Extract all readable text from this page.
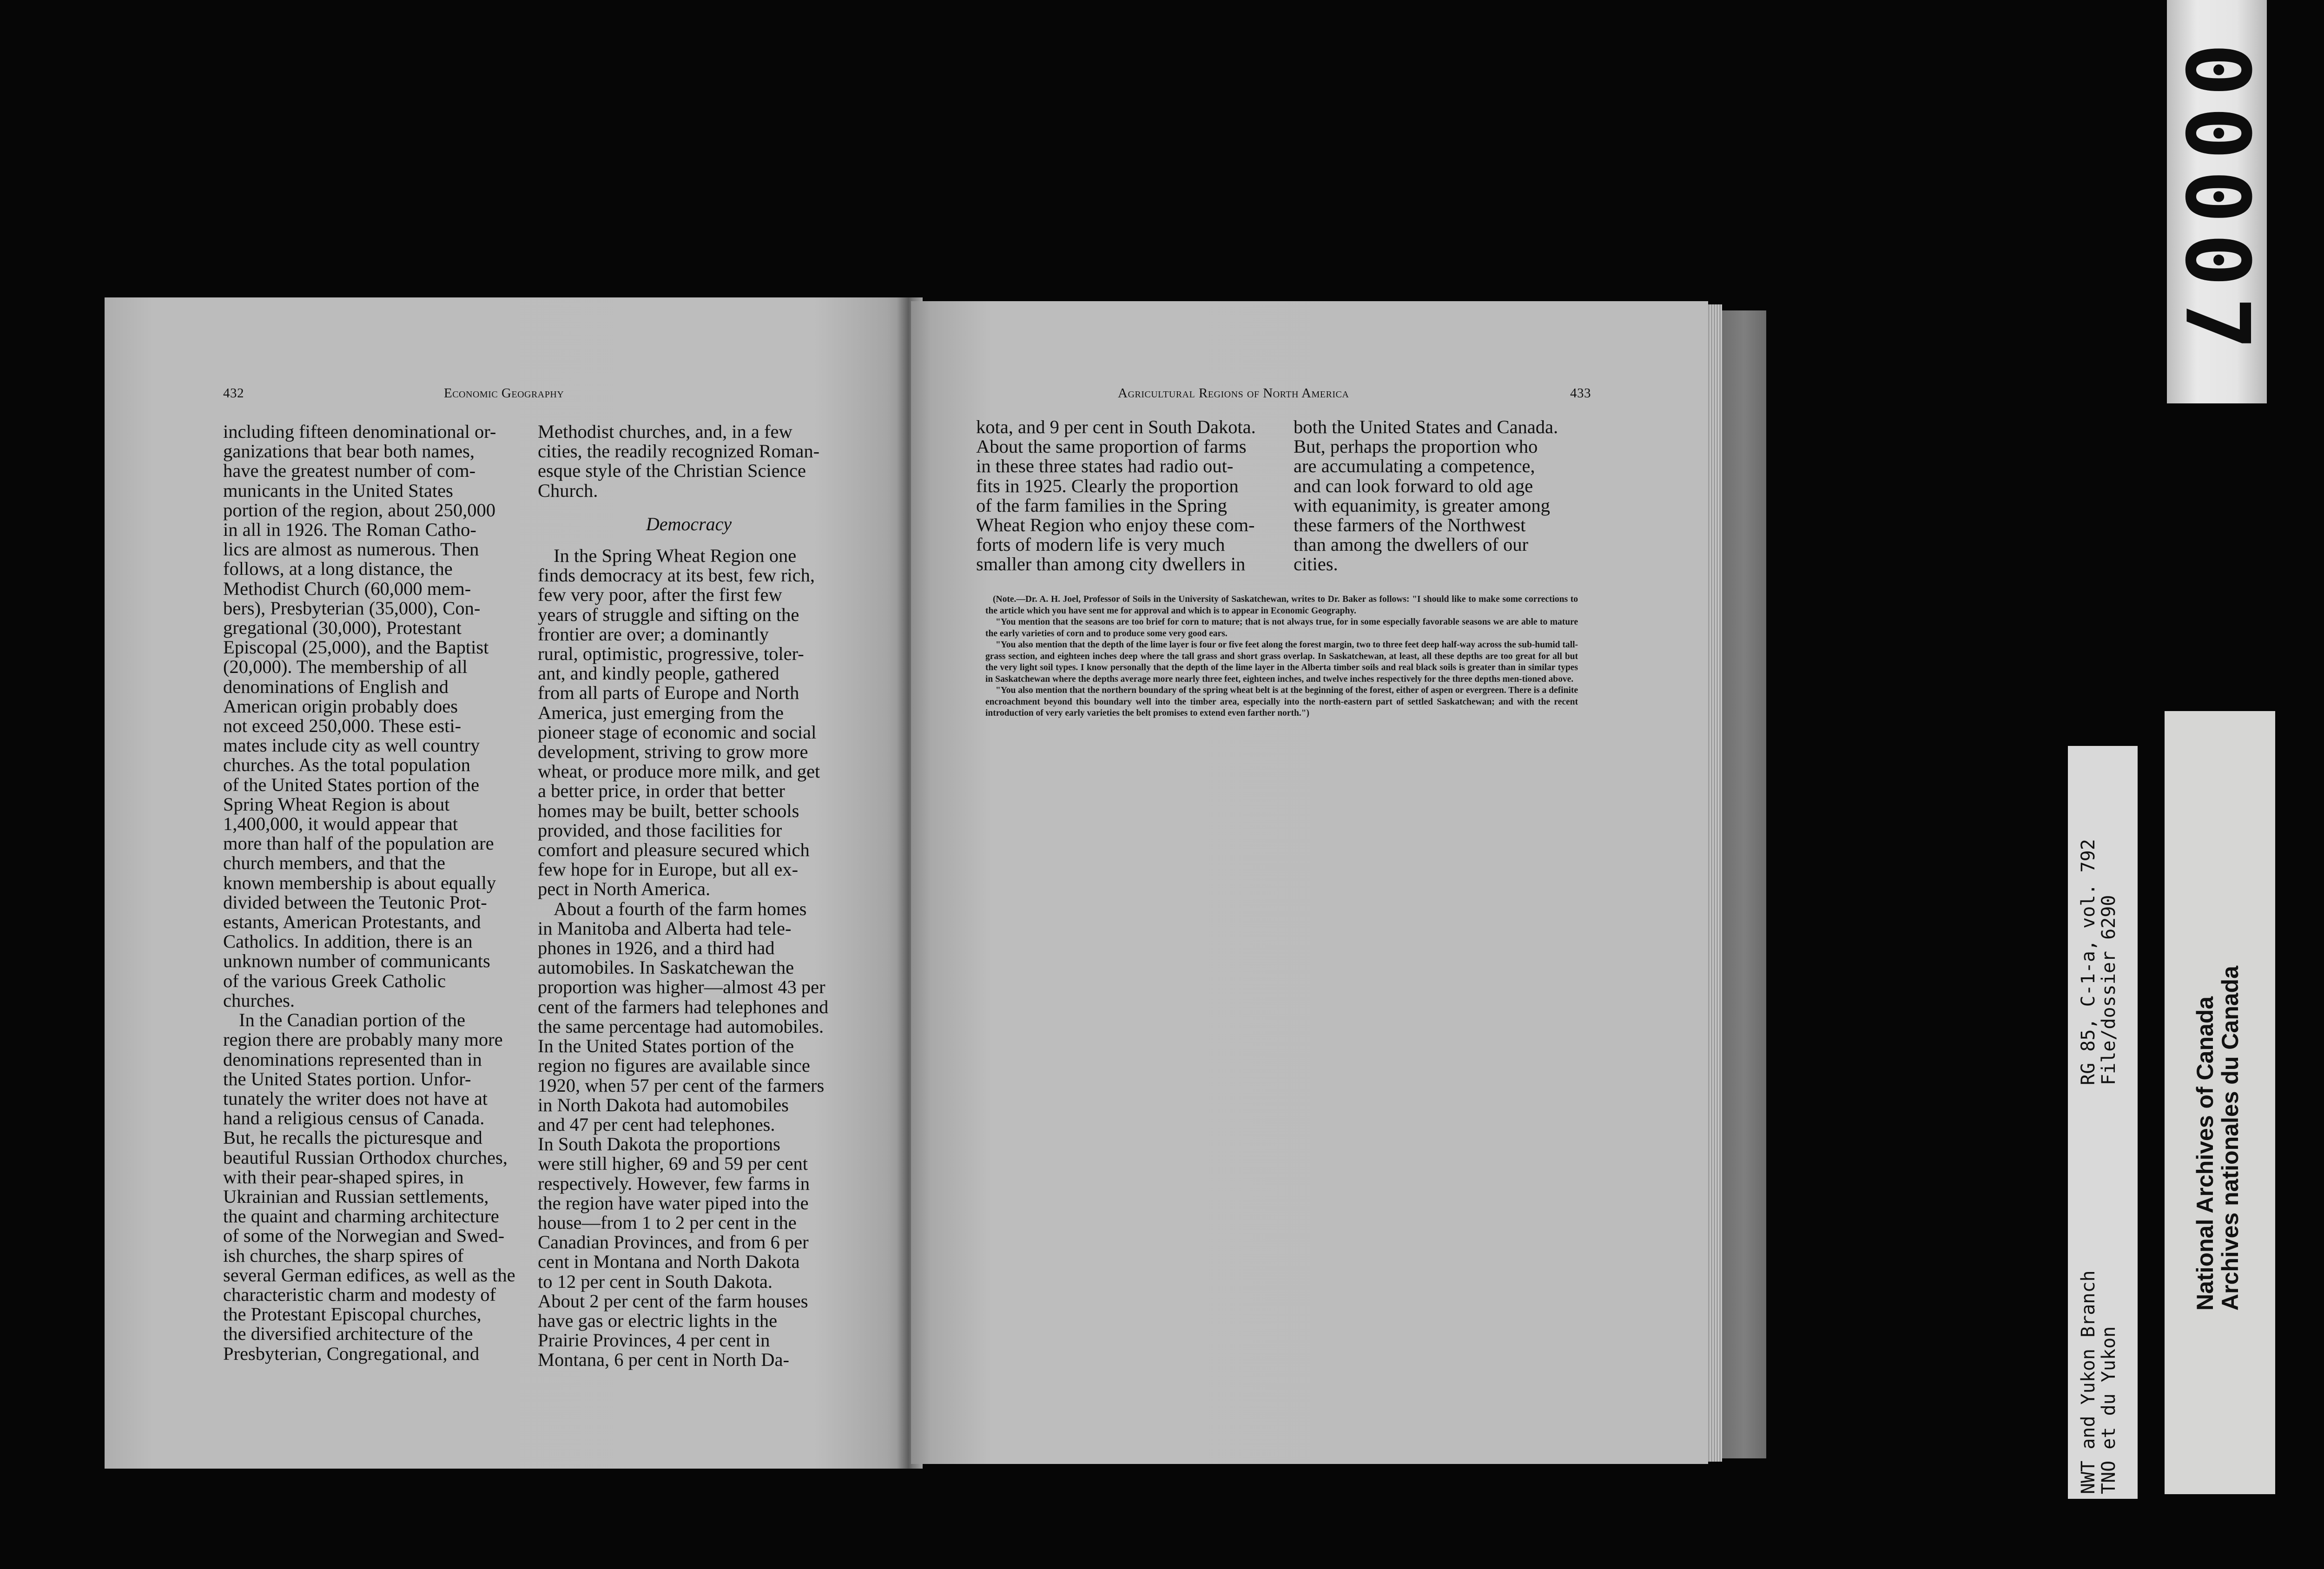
432	Economic Geography

including fifteen denominational or-
ganizations that bear both names,
have the greatest number of com-
municants in the United States
portion of the region, about 250,000
in all in 1926. The Roman Catho-
lics are almost as numerous. Then
follows, at a long distance, the
Methodist Church (60,000 mem-
bers), Presbyterian (35,000), Con-
gregational (30,000), Protestant
Episcopal (25,000), and the Baptist
(20,000). The membership of all
denominations of English and
American origin probably does
not exceed 250,000. These esti-
mates include city as well country
churches. As the total population
of the United States portion of the
Spring Wheat Region is about
1,400,000, it would appear that
more than half of the population are
church members, and that the
known membership is about equally
divided between the Teutonic Prot-
estants, American Protestants, and
Catholics. In addition, there is an
unknown number of communicants
of the various Greek Catholic
churches.

In the Canadian portion of the
region there are probably many more
denominations represented than in
the United States portion. Unfor-
tunately the writer does not have at
hand a religious census of Canada.
But, he recalls the picturesque and
beautiful Russian Orthodox churches,
with their pear-shaped spires, in
Ukrainian and Russian settlements,
the quaint and charming architecture
of some of the Norwegian and Swed-
ish churches, the sharp spires of
several German edifices, as well as the
characteristic charm and modesty of
the Protestant Episcopal churches,
the diversified architecture of the
Presbyterian, Congregational, and

Methodist churches, and, in a few
cities, the readily recognized Roman-
esque style of the Christian Science
Church.

Democracy

In the Spring Wheat Region one
finds democracy at its best, few rich,
few very poor, after the first few
years of struggle and sifting on the
frontier are over; a dominantly
rural, optimistic, progressive, toler-
ant, and kindly people, gathered
from all parts of Europe and North
America, just emerging from the
pioneer stage of economic and social
development, striving to grow more
wheat, or produce more milk, and get
a better price, in order that better
homes may be built, better schools
provided, and those facilities for
comfort and pleasure secured which
few hope for in Europe, but all ex-
pect in North America.

About a fourth of the farm homes
in Manitoba and Alberta had tele-
phones in 1926, and a third had
automobiles. In Saskatchewan the
proportion was higher—almost 43 per
cent of the farmers had telephones and
the same percentage had automobiles.
In the United States portion of the
region no figures are available since
1920, when 57 per cent of the farmers
in North Dakota had automobiles
and 47 per cent had telephones.
In South Dakota the proportions
were still higher, 69 and 59 per cent
respectively. However, few farms in
the region have water piped into the
house—from 1 to 2 per cent in the
Canadian Provinces, and from 6 per
cent in Montana and North Dakota
to 12 per cent in South Dakota.
About 2 per cent of the farm houses
have gas or electric lights in the
Prairie Provinces, 4 per cent in
Montana, 6 per cent in North Da-

Agricultural Regions of North America	433

kota, and 9 per cent in South Dakota.
About the same proportion of farms
in these three states had radio out-
fits in 1925. Clearly the proportion
of the farm families in the Spring
Wheat Region who enjoy these com-
forts of modern life is very much
smaller than among city dwellers in

both the United States and Canada.
But, perhaps the proportion who
are accumulating a competence,
and can look forward to old age
with equanimity, is greater among
these farmers of the Northwest
than among the dwellers of our
cities.

(Note.—Dr. A. H. Joel, Professor of Soils in the University of Saskatchewan, writes to Dr. Baker as follows: "I should like to make some corrections to the article which you have sent me for approval and which is to appear in Economic Geography.

"You mention that the seasons are too brief for corn to mature; that is not always true, for in some especially favorable seasons we are able to mature the early varieties of corn and to produce some very good ears.

"You also mention that the depth of the lime layer is four or five feet along the forest margin, two to three feet deep half-way across the sub-humid tall-grass section, and eighteen inches deep where the tall grass and short grass overlap. In Saskatchewan, at least, all these depths are too great for all but the very light soil types. I know personally that the depth of the lime layer in the Alberta timber soils and real black soils is greater than in similar types in Saskatchewan where the depths average more nearly three feet, eighteen inches, and twelve inches respectively for the three depths men-tioned above.

"You also mention that the northern boundary of the spring wheat belt is at the beginning of the forest, either of aspen or evergreen. There is a definite encroachment beyond this boundary well into the timber area, especially into the north-eastern part of settled Saskatchewan; and with the recent introduction of very early varieties the belt promises to extend even farther north.")

00007
RG 85, C-1-a, vol. 792
File/dossier 6290
NWT and Yukon Branch
TNO et du Yukon
National Archives of Canada
Archives nationales du Canada
